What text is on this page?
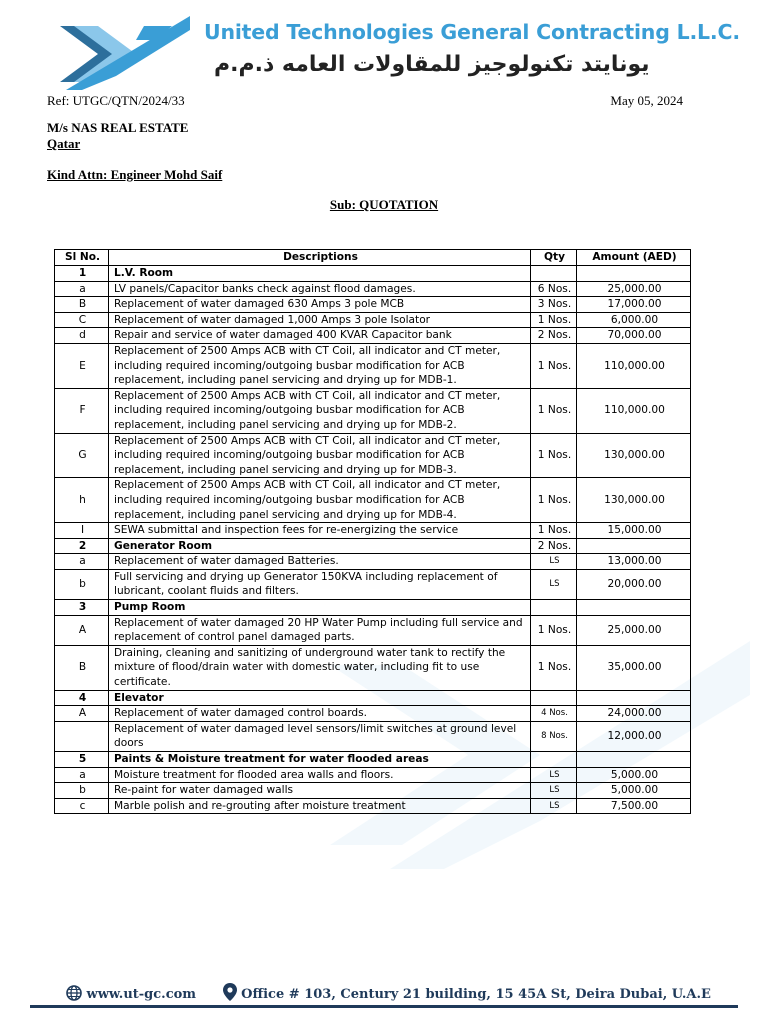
United Technologies General Contracting L.L.C.
يونايتد تكنولوجيز للمقاولات العامه ذ.م.م
Ref: UTGC/QTN/2024/33	May 05, 2024
M/s NAS REAL ESTATE
Qatar
Kind Attn: Engineer Mohd Saif
Sub: QUOTATION
Sl No.	Descriptions	Qty	Amount (AED)
1	L.V. Room		
a	LV panels/Capacitor banks check against flood damages.	6 Nos.	25,000.00
B	Replacement of water damaged 630 Amps 3 pole MCB	3 Nos.	17,000.00
C	Replacement of water damaged 1,000 Amps 3 pole Isolator	1 Nos.	6,000.00
d	Repair and service of water damaged 400 KVAR Capacitor bank	2 Nos.	70,000.00
E	Replacement of 2500 Amps ACB with CT Coil, all indicator and CT meter, including required incoming/outgoing busbar modification for ACB replacement, including panel servicing and drying up for MDB-1.	1 Nos.	110,000.00
F	Replacement of 2500 Amps ACB with CT Coil, all indicator and CT meter, including required incoming/outgoing busbar modification for ACB replacement, including panel servicing and drying up for MDB-2.	1 Nos.	110,000.00
G	Replacement of 2500 Amps ACB with CT Coil, all indicator and CT meter, including required incoming/outgoing busbar modification for ACB replacement, including panel servicing and drying up for MDB-3.	1 Nos.	130,000.00
h	Replacement of 2500 Amps ACB with CT Coil, all indicator and CT meter, including required incoming/outgoing busbar modification for ACB replacement, including panel servicing and drying up for MDB-4.	1 Nos.	130,000.00
I	SEWA submittal and inspection fees for re-energizing the service	1 Nos.	15,000.00
2	Generator Room	2 Nos.	
a	Replacement of water damaged Batteries.	LS	13,000.00
b	Full servicing and drying up Generator 150KVA including replacement of lubricant, coolant fluids and filters.	LS	20,000.00
3	Pump Room		
A	Replacement of water damaged 20 HP Water Pump including full service and replacement of control panel damaged parts.	1 Nos.	25,000.00
B	Draining, cleaning and sanitizing of underground water tank to rectify the mixture of flood/drain water with domestic water, including fit to use certificate.	1 Nos.	35,000.00
4	Elevator		
A	Replacement of water damaged control boards.	4 Nos.	24,000.00
	Replacement of water damaged level sensors/limit switches at ground level doors	8 Nos.	12,000.00
5	Paints & Moisture treatment for water flooded areas		
a	Moisture treatment for flooded area walls and floors.	LS	5,000.00
b	Re-paint for water damaged walls	LS	5,000.00
c	Marble polish and re-grouting after moisture treatment	LS	7,500.00
www.ut-gc.com	Office # 103, Century 21 building, 15 45A St, Deira Dubai, U.A.E
